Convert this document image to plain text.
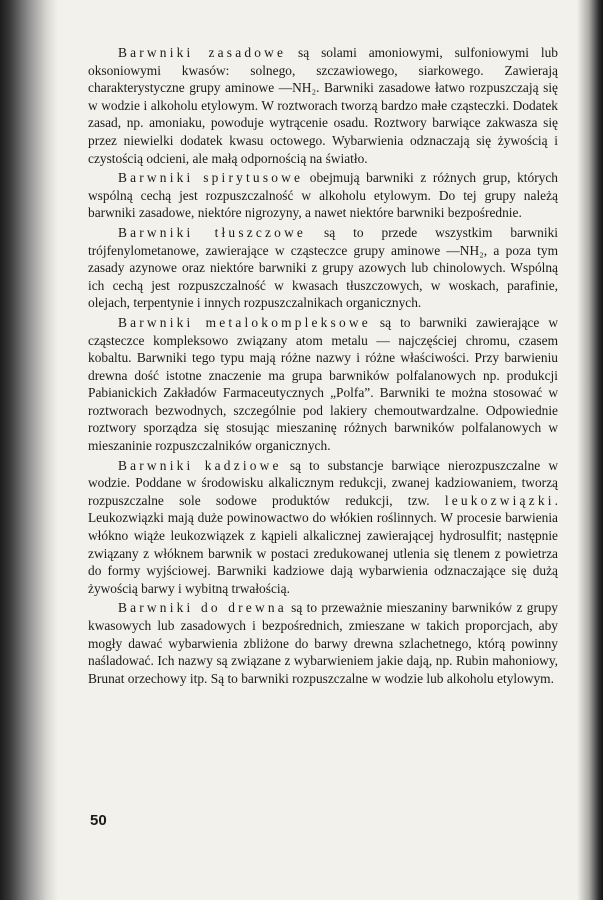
Barwniki zasadowe są solami amoniowymi, sulfoniowymi lub oksoniowymi kwasów: solnego, szczawiowego, siarkowego. Zawierają charakterystyczne grupy aminowe —NH₂. Barwniki zasadowe łatwo rozpuszczają się w wodzie i alkoholu etylowym. W roztworach tworzą bardzo małe cząsteczki. Dodatek zasad, np. amoniaku, powoduje wytrącenie osadu. Roztwory barwiące zakwasza się przez niewielki dodatek kwasu octowego. Wybarwienia odznaczają się żywością i czystością odcieni, ale małą odpornością na światło.

Barwniki spirytusowe obejmują barwniki z różnych grup, których wspólną cechą jest rozpuszczalność w alkoholu etylowym. Do tej grupy należą barwniki zasadowe, niektóre nigrozyny, a nawet niektóre barwniki bezpośrednie.

Barwniki tłuszczowe są to przede wszystkim barwniki trójfenylometanowe, zawierające w cząsteczce grupy aminowe —NH₂, a poza tym zasady azynowe oraz niektóre barwniki z grupy azowych lub chinolowych. Wspólną ich cechą jest rozpuszczalność w kwasach tłuszczowych, w woskach, parafinie, olejach, terpentynie i innych rozpuszczalnikach organicznych.

Barwniki metalokompleksowe są to barwniki zawierające w cząsteczce kompleksowo związany atom metalu — najczęściej chromu, czasem kobaltu. Barwniki tego typu mają różne nazwy i różne właściwości. Przy barwieniu drewna dość istotne znaczenie ma grupa barwników polfalanowych np. produkcji Pabianickich Zakładów Farmaceutycznych „Polfa”. Barwniki te można stosować w roztworach bezwodnych, szczególnie pod lakiery chemoutwardzalne. Odpowiednie roztwory sporządza się stosując mieszaninę różnych barwników polfalanowych w mieszaninie rozpuszczalników organicznych.

Barwniki kadziowe są to substancje barwiące nierozpuszczalne w wodzie. Poddane w środowisku alkalicznym redukcji, zwanej kadziowaniem, tworzą rozpuszczalne sole sodowe produktów redukcji, tzw. leukozwiązki. Leukozwiązki mają duże powinowactwo do włókien roślinnych. W procesie barwienia włókno wiąże leukozwiązek z kąpieli alkalicznej zawierającej hydrosulfit; następnie związany z włóknem barwnik w postaci zredukowanej utlenia się tlenem z powietrza do formy wyjściowej. Barwniki kadziowe dają wybarwienia odznaczające się dużą żywością barwy i wybitną trwałością.

Barwniki do drewna są to przeważnie mieszaniny barwników z grupy kwasowych lub zasadowych i bezpośrednich, zmieszane w takich proporcjach, aby mogły dawać wybarwienia zbliżone do barwy drewna szlachetnego, którą powinny naśladować. Ich nazwy są związane z wybarwieniem jakie dają, np. Rubin mahoniowy, Brunat orzechowy itp. Są to barwniki rozpuszczalne w wodzie lub alkoholu etylowym.

50
